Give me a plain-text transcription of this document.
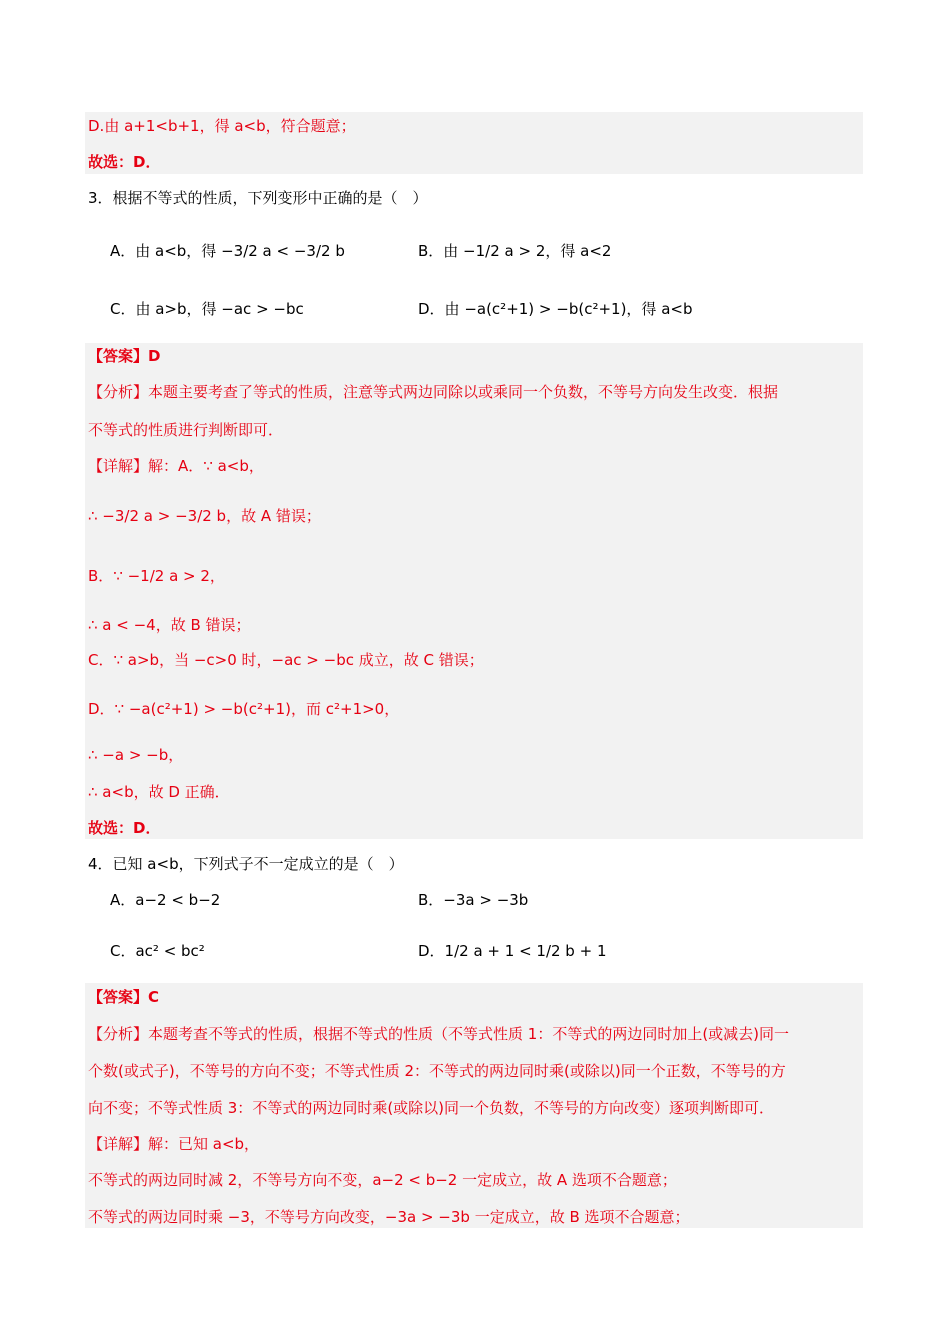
D.由 a+1<b+1，得 a<b，符合题意；
故选：D．
3．根据不等式的性质，下列变形中正确的是（　）
A．由 a<b，得 −3/2 a < −3/2 b	B．由 −1/2 a > 2，得 a<2
C．由 a>b，得 −ac > −bc	D．由 −a(c²+1) > −b(c²+1)，得 a<b
【答案】D
【分析】本题主要考查了等式的性质，注意等式两边同除以或乘同一个负数，不等号方向发生改变．根据
不等式的性质进行判断即可．
【详解】解：A．∵ a<b，
∴ −3/2 a > −3/2 b，故 A 错误；
B．∵ −1/2 a > 2，
∴ a < −4，故 B 错误；
C．∵ a>b，当 −c>0 时，−ac > −bc 成立，故 C 错误；
D．∵ −a(c²+1) > −b(c²+1)，而 c²+1>0，
∴ −a > −b，
∴ a<b，故 D 正确．
故选：D．
4．已知 a<b，下列式子不一定成立的是（　）
A．a−2 < b−2	B．−3a > −3b
C．ac² < bc²	D．1/2 a + 1 < 1/2 b + 1
【答案】C
【分析】本题考查不等式的性质，根据不等式的性质（不等式性质 1：不等式的两边同时加上(或减去)同一
个数(或式子)，不等号的方向不变；不等式性质 2：不等式的两边同时乘(或除以)同一个正数，不等号的方
向不变；不等式性质 3：不等式的两边同时乘(或除以)同一个负数，不等号的方向改变）逐项判断即可．
【详解】解：已知 a<b，
不等式的两边同时减 2，不等号方向不变，a−2 < b−2 一定成立，故 A 选项不合题意；
不等式的两边同时乘 −3，不等号方向改变，−3a > −3b 一定成立，故 B 选项不合题意；
